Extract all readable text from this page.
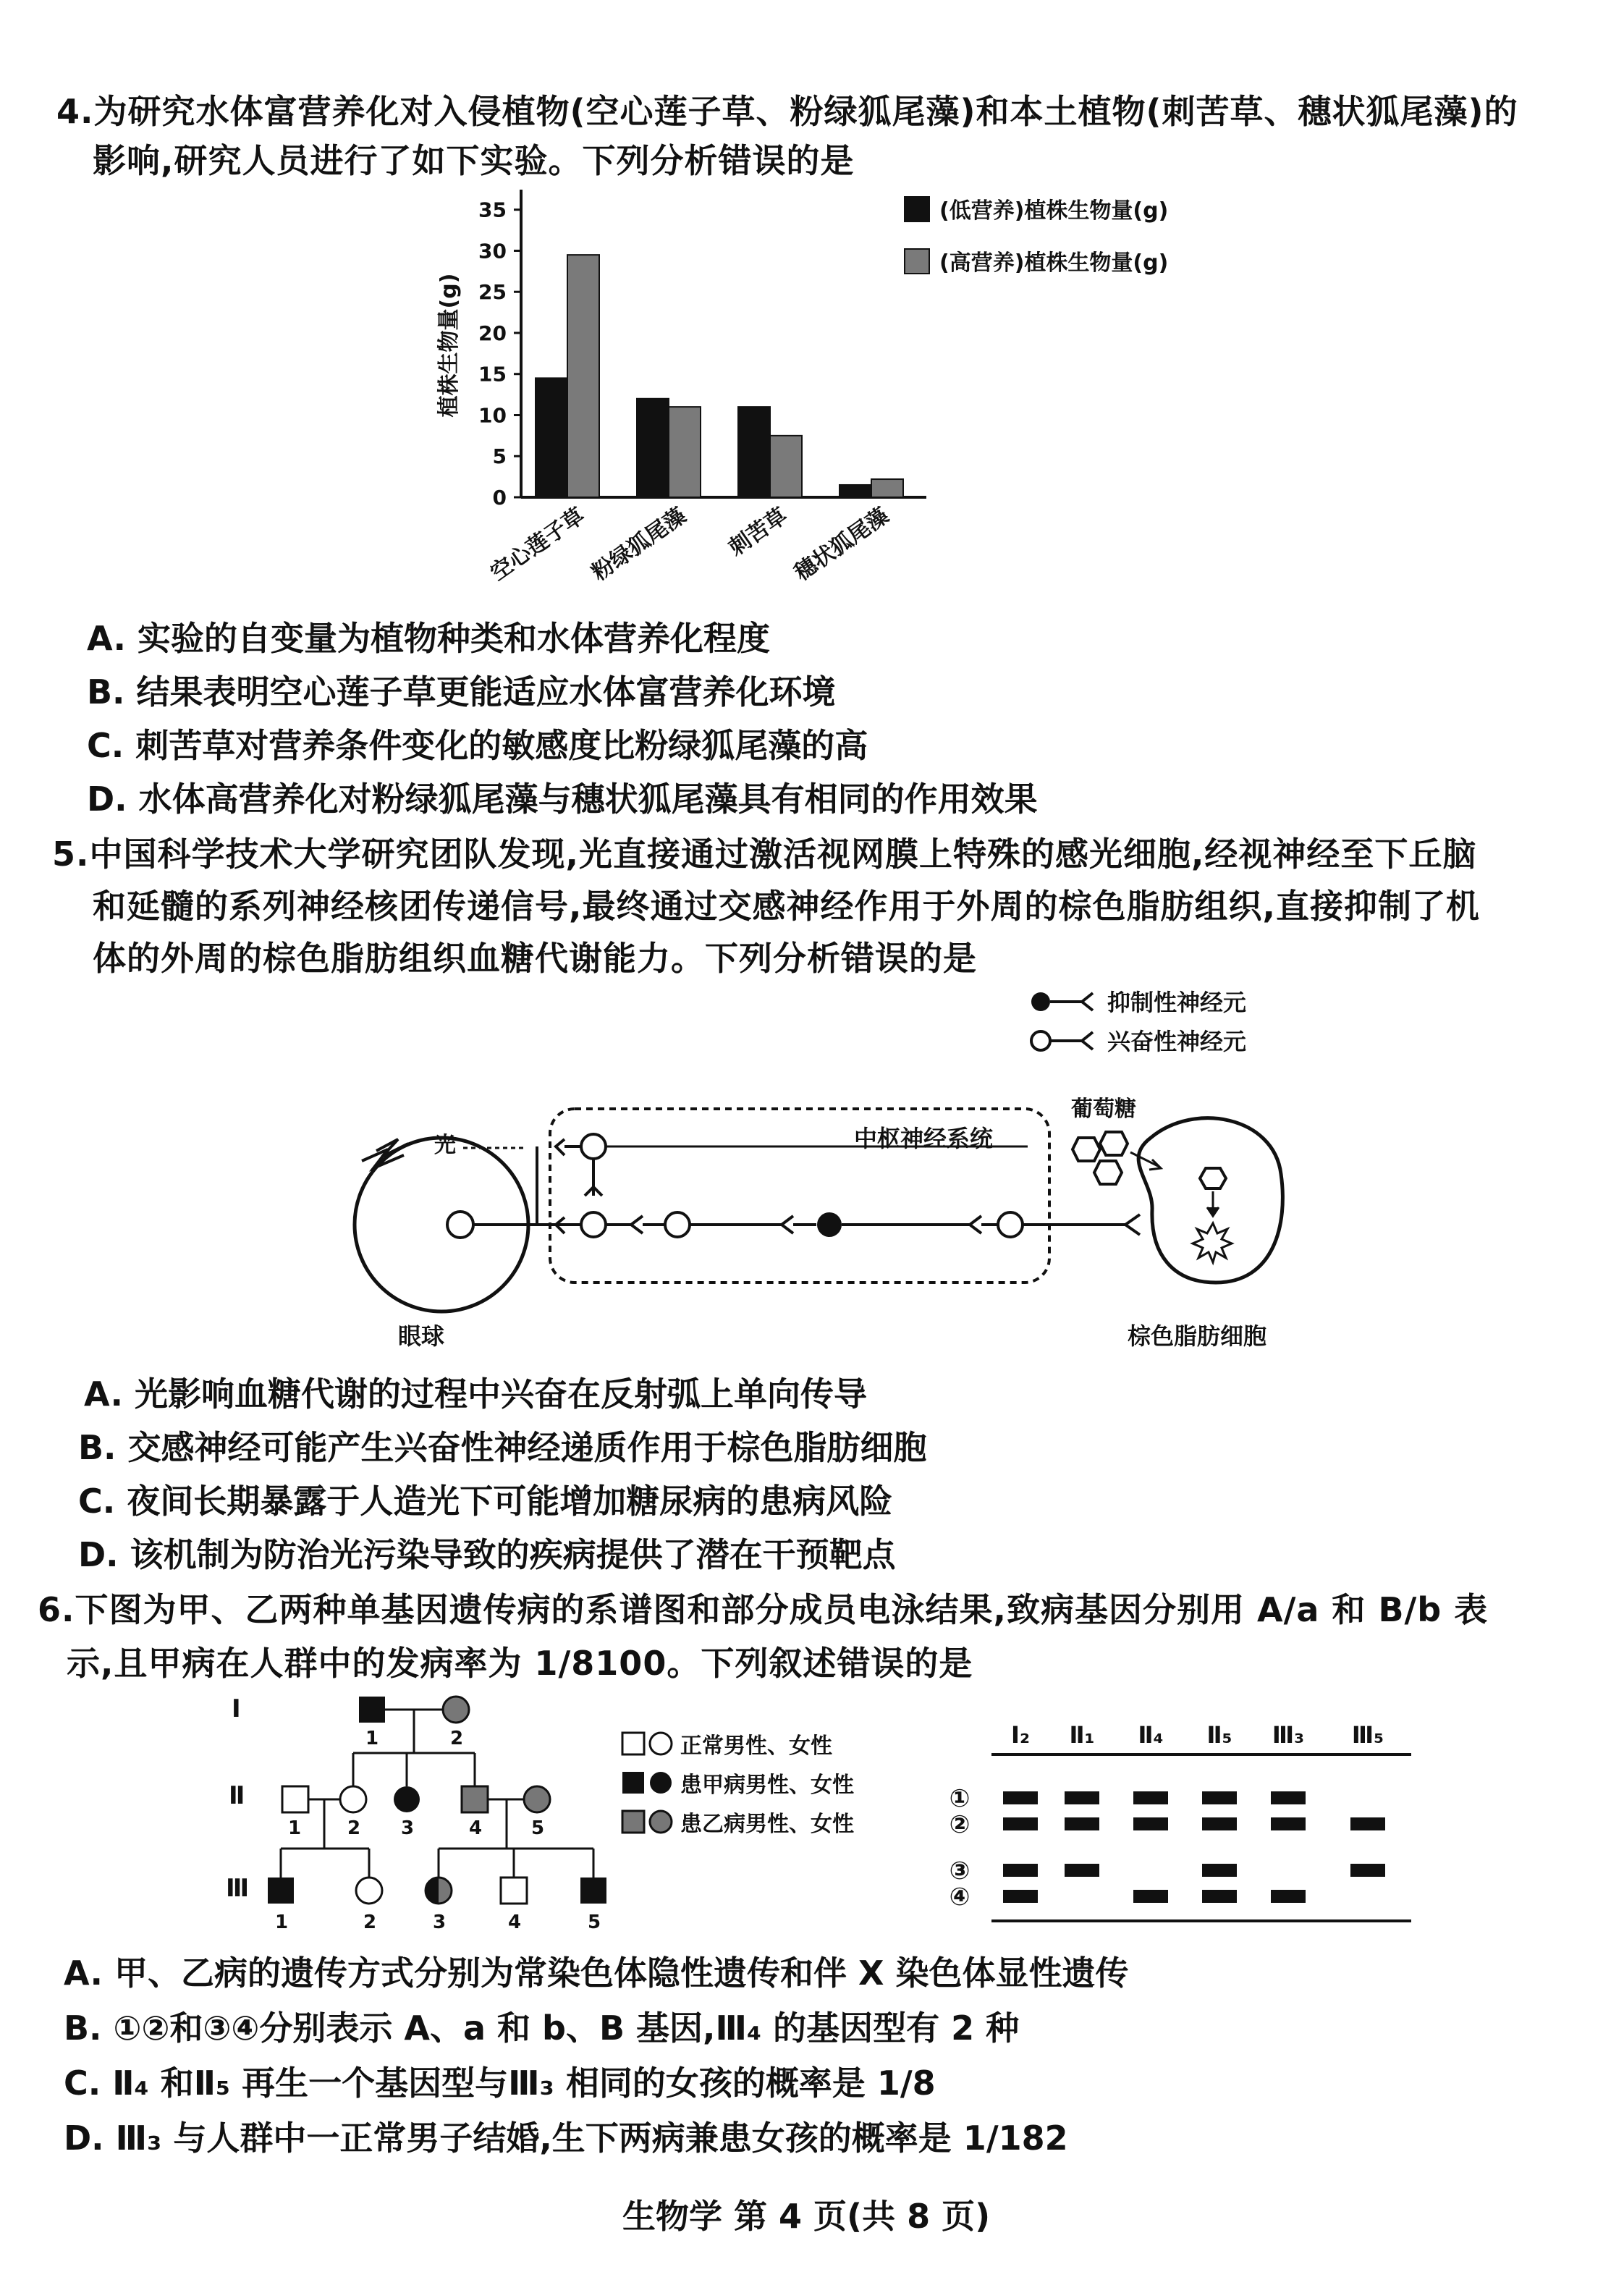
4.为研究水体富营养化对入侵植物(空心莲子草、粉绿狐尾藻)和本土植物(刺苦草、穗状狐尾藻)的
影响,研究人员进行了如下实验。下列分析错误的是
0
5
10
15
20
25
30
35
植株生物量(g)
空心莲子草
粉绿狐尾藻 刺苦草
穗状狐尾藻
(低营养)植株生物量(g)
(高营养)植株生物量(g)
A. 实验的自变量为植物种类和水体营养化程度
B. 结果表明空心莲子草更能适应水体富营养化环境
C. 刺苦草对营养条件变化的敏感度比粉绿狐尾藻的高
D. 水体高营养化对粉绿狐尾藻与穗状狐尾藻具有相同的作用效果
5.中国科学技术大学研究团队发现,光直接通过激活视网膜上特殊的感光细胞,经视神经至下丘脑
和延髓的系列神经核团传递信号,最终通过交感神经作用于外周的棕色脂肪组织,直接抑制了机
体的外周的棕色脂肪组织血糖代谢能力。下列分析错误的是
抑制性神经元
兴奋性神经元
中枢神经系统
眼球
光
葡萄糖
棕色脂肪细胞
A. 光影响血糖代谢的过程中兴奋在反射弧上单向传导
B. 交感神经可能产生兴奋性神经递质作用于棕色脂肪细胞
C. 夜间长期暴露于人造光下可能增加糖尿病的患病风险
D. 该机制为防治光污染导致的疾病提供了潜在干预靶点
6.下图为甲、乙两种单基因遗传病的系谱图和部分成员电泳结果,致病基因分别用 A/a 和 B/b 表
示,且甲病在人群中的发病率为 1/8100。下列叙述错误的是
Ⅰ
Ⅱ
Ⅲ
1	2
1 2 3	4	5
1	2	3	4	5
正常男性、女性
患甲病男性、女性
患乙病男性、女性
Ⅰ₂ Ⅱ₁ Ⅱ₄ Ⅱ₅ Ⅲ₃ Ⅲ₅
①
②
③
④
A. 甲、乙病的遗传方式分别为常染色体隐性遗传和伴 X 染色体显性遗传
B. ①②和③④分别表示 A、a 和 b、B 基因,Ⅲ₄ 的基因型有 2 种
C. Ⅱ₄ 和Ⅱ₅ 再生一个基因型与Ⅲ₃ 相同的女孩的概率是 1/8
D. Ⅲ₃ 与人群中一正常男子结婚,生下两病兼患女孩的概率是 1/182
生物学 第 4 页(共 8 页)
